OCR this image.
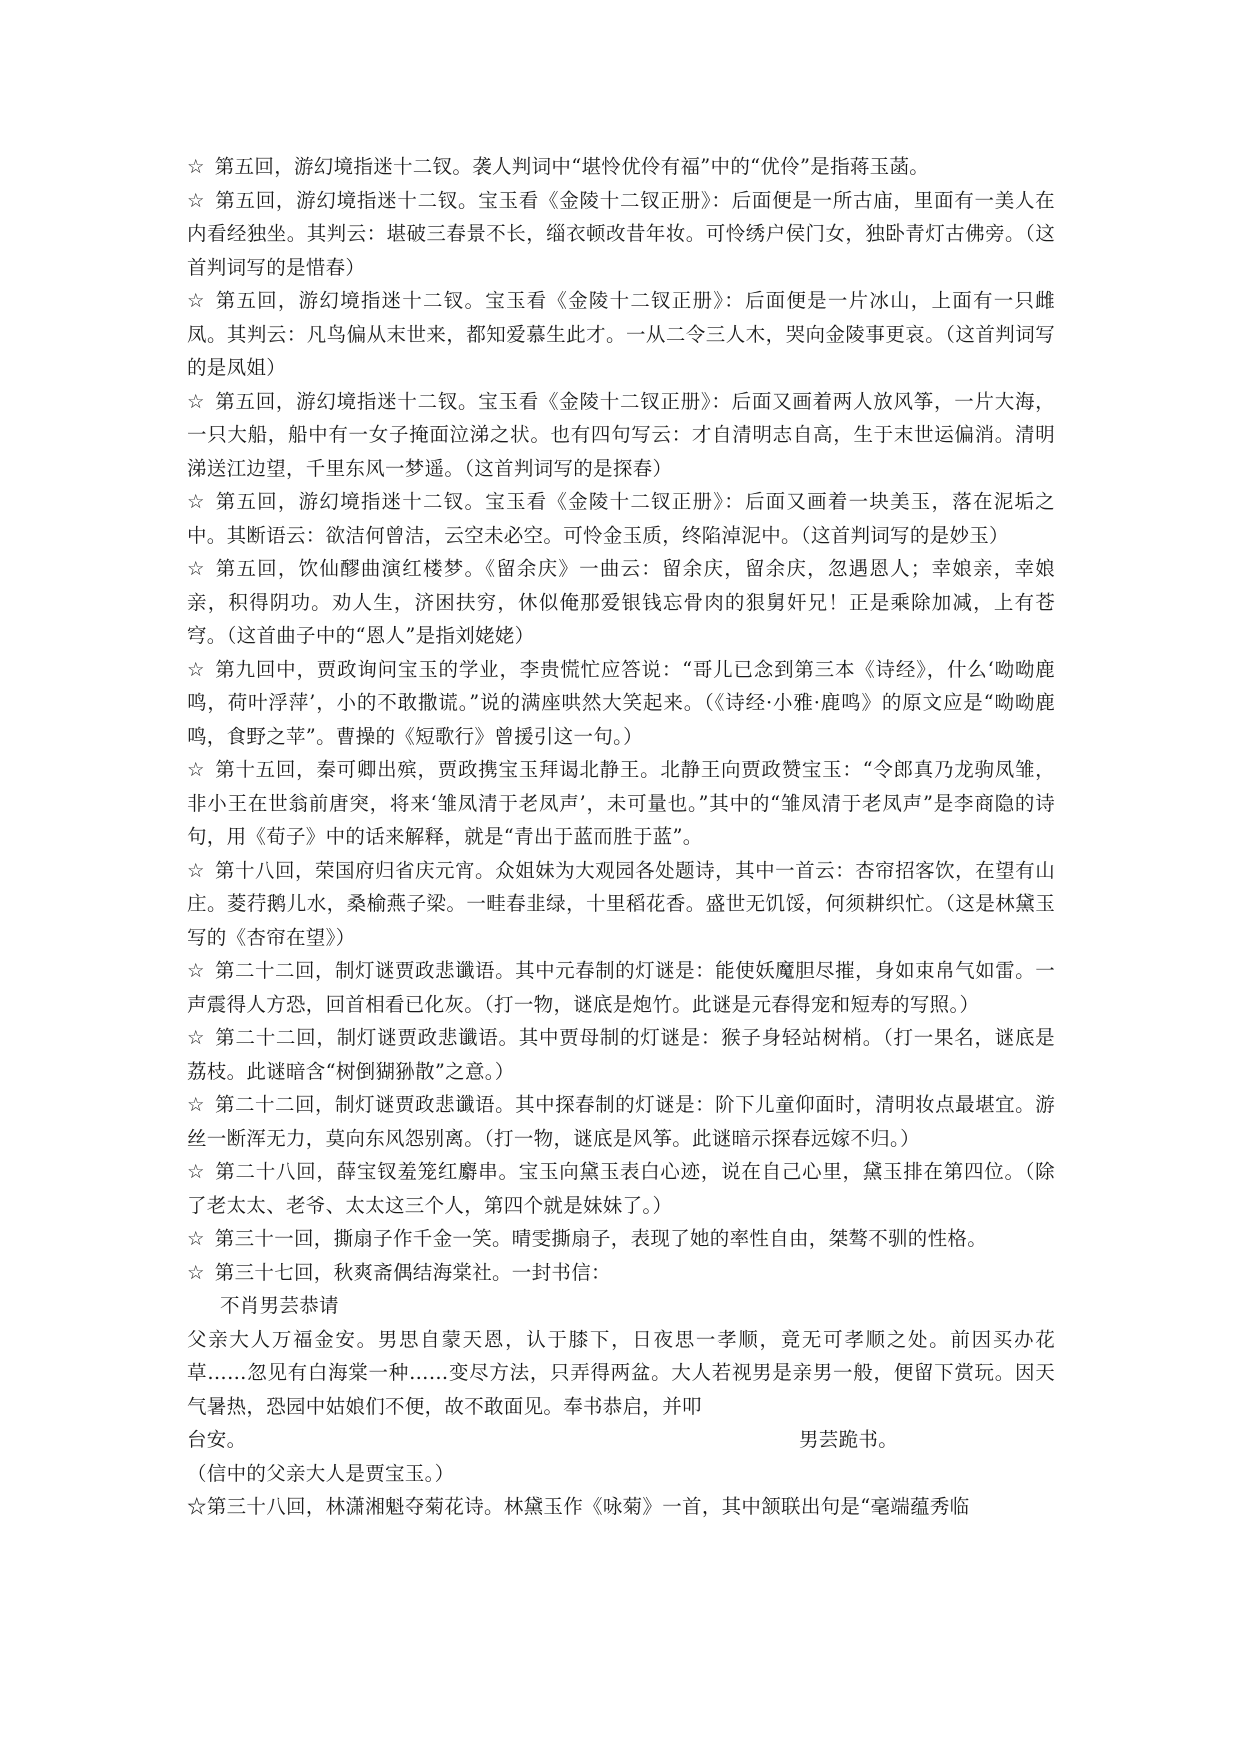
☆ 第五回，游幻境指迷十二钗。袭人判词中“堪怜优伶有福”中的“优伶”是指蒋玉菡。

☆ 第五回，游幻境指迷十二钗。宝玉看《金陵十二钗正册》：后面便是一所古庙，里面有一美人在内看经独坐。其判云：堪破三春景不长，缁衣顿改昔年妆。可怜绣户侯门女，独卧青灯古佛旁。（这首判词写的是惜春）

☆ 第五回，游幻境指迷十二钗。宝玉看《金陵十二钗正册》：后面便是一片冰山，上面有一只雌凤。其判云：凡鸟偏从末世来，都知爱慕生此才。一从二令三人木，哭向金陵事更哀。（这首判词写的是凤姐）

☆ 第五回，游幻境指迷十二钗。宝玉看《金陵十二钗正册》：后面又画着两人放风筝，一片大海，一只大船，船中有一女子掩面泣涕之状。也有四句写云：才自清明志自高，生于末世运偏消。清明涕送江边望，千里东风一梦遥。（这首判词写的是探春）

☆ 第五回，游幻境指迷十二钗。宝玉看《金陵十二钗正册》：后面又画着一块美玉，落在泥垢之中。其断语云：欲洁何曾洁，云空未必空。可怜金玉质，终陷淖泥中。（这首判词写的是妙玉）

☆ 第五回，饮仙醪曲演红楼梦。《留余庆》一曲云：留余庆，留余庆，忽遇恩人；幸娘亲，幸娘亲，积得阴功。劝人生，济困扶穷，休似俺那爱银钱忘骨肉的狠舅奸兄！正是乘除加减，上有苍穹。（这首曲子中的“恩人”是指刘姥姥）

☆ 第九回中，贾政询问宝玉的学业，李贵慌忙应答说：“哥儿已念到第三本《诗经》，什么‘呦呦鹿鸣，荷叶浮萍’，小的不敢撒谎。”说的满座哄然大笑起来。（《诗经·小雅·鹿鸣》的原文应是“呦呦鹿鸣，食野之苹”。曹操的《短歌行》曾援引这一句。）

☆ 第十五回，秦可卿出殡，贾政携宝玉拜谒北静王。北静王向贾政赞宝玉：“令郎真乃龙驹凤雏，非小王在世翁前唐突，将来‘雏凤清于老凤声’，未可量也。”其中的“雏凤清于老凤声”是李商隐的诗句，用《荀子》中的话来解释，就是“青出于蓝而胜于蓝”。

☆ 第十八回，荣国府归省庆元宵。众姐妹为大观园各处题诗，其中一首云：杏帘招客饮，在望有山庄。菱荇鹅儿水，桑榆燕子梁。一畦春韭绿，十里稻花香。盛世无饥馁，何须耕织忙。（这是林黛玉写的《杏帘在望》）

☆ 第二十二回，制灯谜贾政悲谶语。其中元春制的灯谜是：能使妖魔胆尽摧，身如束帛气如雷。一声震得人方恐，回首相看已化灰。（打一物，谜底是炮竹。此谜是元春得宠和短寿的写照。）

☆ 第二十二回，制灯谜贾政悲谶语。其中贾母制的灯谜是：猴子身轻站树梢。（打一果名，谜底是荔枝。此谜暗含“树倒猢狲散”之意。）

☆ 第二十二回，制灯谜贾政悲谶语。其中探春制的灯谜是：阶下儿童仰面时，清明妆点最堪宜。游丝一断浑无力，莫向东风怨别离。（打一物，谜底是风筝。此谜暗示探春远嫁不归。）

☆ 第二十八回，薛宝钗羞笼红麝串。宝玉向黛玉表白心迹，说在自己心里，黛玉排在第四位。（除了老太太、老爷、太太这三个人，第四个就是妹妹了。）

☆ 第三十一回，撕扇子作千金一笑。晴雯撕扇子，表现了她的率性自由，桀骜不驯的性格。

☆ 第三十七回，秋爽斋偶结海棠社。一封书信：

不肖男芸恭请

父亲大人万福金安。男思自蒙天恩，认于膝下，日夜思一孝顺，竟无可孝顺之处。前因买办花草……忽见有白海棠一种……变尽方法，只弄得两盆。大人若视男是亲男一般，便留下赏玩。因天气暑热，恐园中姑娘们不便，故不敢面见。奉书恭启，并叩

台安。	男芸跪书。

（信中的父亲大人是贾宝玉。）

☆第三十八回，林潇湘魁夺菊花诗。林黛玉作《咏菊》一首，其中颔联出句是“毫端蕴秀临
